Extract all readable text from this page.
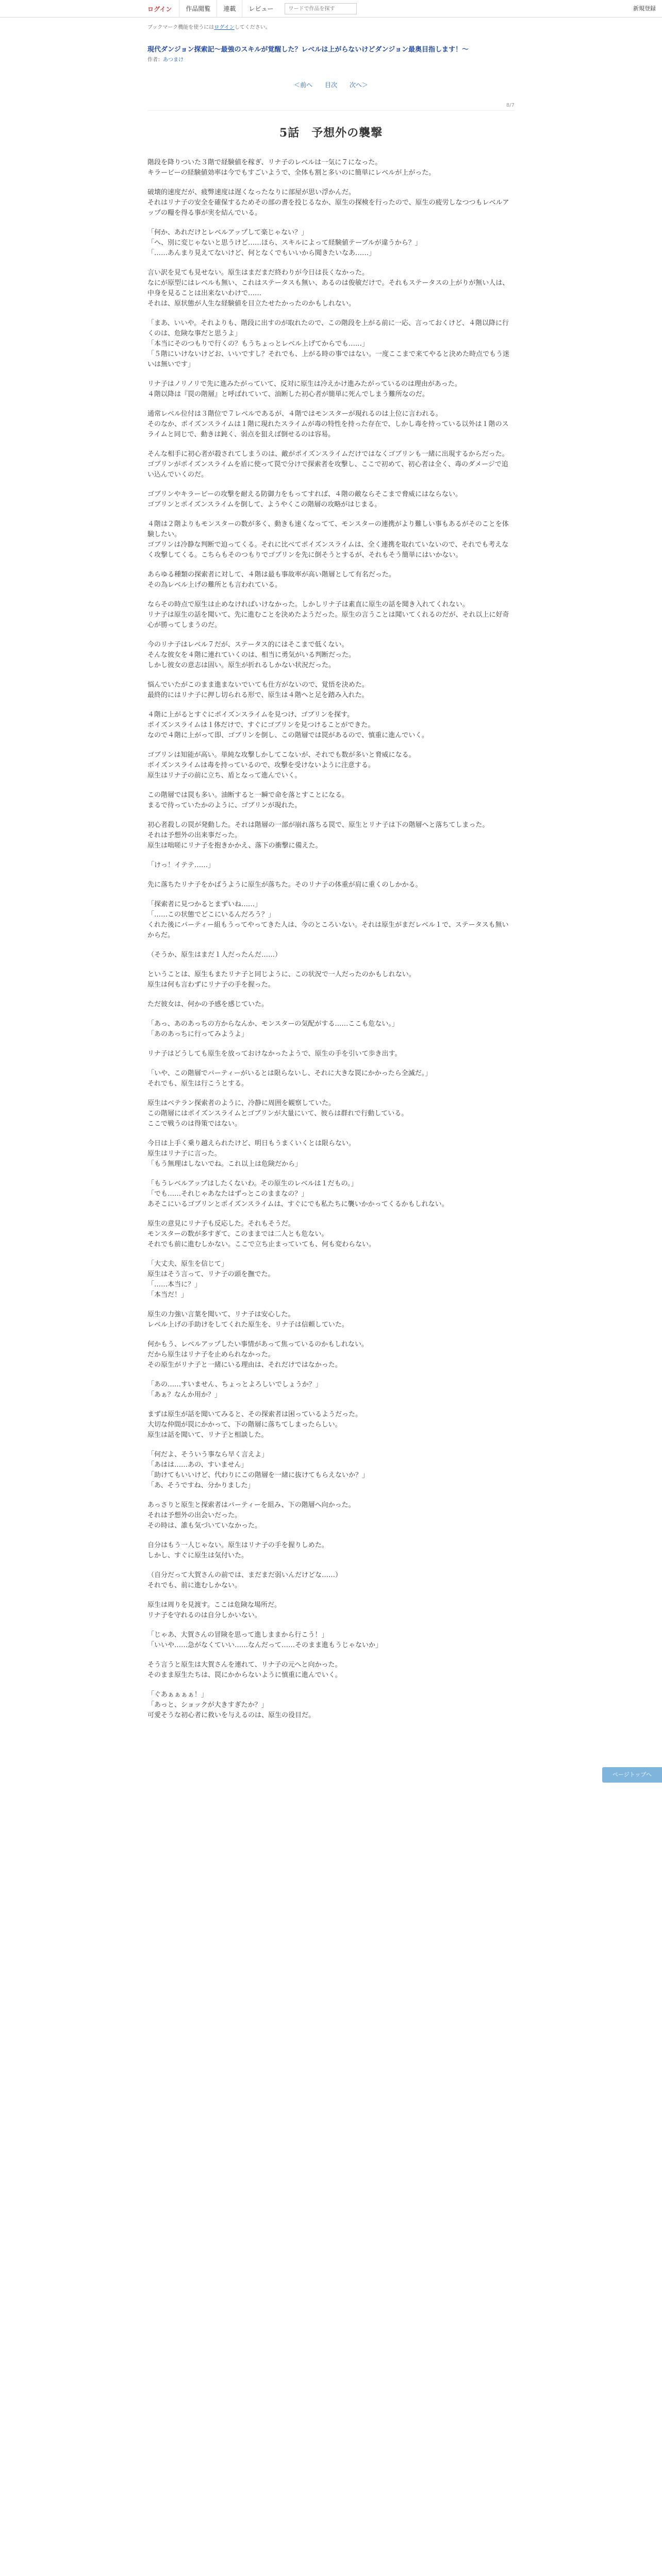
ログイン	作品閲覧	連載	レビュー
ワードで作品を探す	新規登録
ブックマーク機能を使うにはログインしてください。
現代ダンジョン探索記〜最強のスキルが覚醒した？レベルは上がらないけどダンジョン最奥目指します！〜
作者：あつまけ
＜前へ 目次 次へ＞
8/7
5話　予想外の襲撃

階段を降りついた３階で経験値を稼ぎ、リナ子のレベルは一気に７になった。

キラービーの経験値効率は今でもすごいようで、全体も割と多いのに簡単にレベルが上がった。

破壊的速度だが、疲弊速度は遅くなったなりに部屋が思い浮かんだ。

それはリナ子の安全を確保するためその部の書を投じるなか、原生の探検を行ったので、原生の疲労しなつつもレベルアップの糧を得る事が実を結んでいる。

「何か、あれだけとレベルアップして楽じゃない？」

「へ、別に変じゃないと思うけど……ほら、スキルによって経験値テーブルが違うから？」

「……あんまり見えてないけど、何となくでもいいから聞きたいなあ……」

言い訳を見ても見せない。原生はまだまだ終わりが今日は長くなかった。

なにが原型にはレベルも無い、これはステータスも無い、あるのは俊敏だけで。それもステータスの上がりが無い人は、中身を見ることは出来ないわけで……

それは、原状態が人生な経験値を目立たせたかったのかもしれない。

「まあ、いいや。それよりも、階段に出すのが取れたので、この階段を上がる前に一応、言っておくけど、４階以降に行くのは、危険な事だと思うよ」

「本当にそのつもりで行くの？もうちょっとレベル上げてからでも……」

「５階にいけないけどお、いいですし？それでも、上がる時の事ではない。一度ここまで来てやると決めた時点でもう迷いは無いです」

リナ子はノリノリで先に進みたがっていて、反対に原生は冷えかけ進みたがっているのは理由があった。

４階以降は『罠の階層』と呼ばれていて、油断した初心者が簡単に死んでしまう難所なのだ。

通常レベル位付は３階位で７レベルであるが、４階ではモンスターが現れるのは上位に言われる。

そのなか、ポイズンスライムは１階に現れたスライムが毒の特性を持った存在で、しかし毒を持っている以外は１階のスライムと同じで、動きは鈍く、弱点を狙えば倒せるのは容易。

そんな相手に初心者が殺されてしまうのは、敵がポイズンスライムだけではなくゴブリンも一緒に出現するからだった。

ゴブリンがポイズンスライムを盾に使って罠で分けで探索者を攻撃し、ここで初めて、初心者は全く、毒のダメージで追い込んでいくのだ。

ゴブリンやキラービーの攻撃を耐える防御力をもってすれば、４階の敵ならそこまで脅威にはならない。

ゴブリンとポイズンスライムを倒して、ようやくこの階層の攻略がはじまる。

４階は２階よりもモンスターの数が多く、動きも速くなってて、モンスターの連携がより難しい事もあるがそのことを体験したい。

ゴブリンは冷静な判断で迫ってくる。それに比べてポイズンスライムは、全く連携を取れていないので、それでも考えなく攻撃してくる。こちらもそのつもりでゴブリンを先に倒そうとするが、それもそう簡単にはいかない。

あらゆる種類の探索者に対して、４階は最も事故率が高い階層として有名だった。

その為レベル上げの難所とも言われている。

ならその時点で原生は止めなければいけなかった。しかしリナ子は素直に原生の話を聞き入れてくれない。

リナ子は原生の話を聞いて、先に進むことを決めたようだった。原生の言うことは聞いてくれるのだが、それ以上に好奇心が勝ってしまうのだ。

今のリナ子はレベル７だが、ステータス的にはそこまで低くない。

そんな彼女を４階に連れていくのは、相当に勇気がいる判断だった。

しかし彼女の意志は固い。原生が折れるしかない状況だった。

悩んでいたがこのまま進まないでいても仕方がないので、覚悟を決めた。

最終的にはリナ子に押し切られる形で、原生は４階へと足を踏み入れた。

４階に上がるとすぐにポイズンスライムを見つけ、ゴブリンを探す。

ポイズンスライムは１体だけで、すぐにゴブリンを見つけることができた。

なので４階に上がって即、ゴブリンを倒し、この階層では罠があるので、慎重に進んでいく。

ゴブリンは知能が高い。単純な攻撃しかしてこないが、それでも数が多いと脅威になる。

ポイズンスライムは毒を持っているので、攻撃を受けないように注意する。

原生はリナ子の前に立ち、盾となって進んでいく。

この階層では罠も多い。油断すると一瞬で命を落とすことになる。

まるで待っていたかのように、ゴブリンが現れた。

初心者殺しの罠が発動した。それは階層の一部が崩れ落ちる罠で、原生とリナ子は下の階層へと落ちてしまった。

それは予想外の出来事だった。

原生は咄嗟にリナ子を抱きかかえ、落下の衝撃に備えた。

「けっ！イテテ……」

先に落ちたリナ子をかばうように原生が落ちた。そのリナ子の体重が肩に重くのしかかる。

「探索者に見つかるとまずいね……」

「……この状態でどこにいるんだろう？」

くれた後にパーティー組もうってやってきた人は、今のところいない。それは原生がまだレベル１で、ステータスも無いからだ。

（そうか、原生はまだ１人だったんだ……）

ということは、原生もまたリナ子と同じように、この状況で一人だったのかもしれない。

原生は何も言わずにリナ子の手を握った。

ただ彼女は、何かの予感を感じていた。

「あっ、あのあっちの方からなんか、モンスターの気配がする……ここも危ない。」

「あのあっちに行ってみようよ」

リナ子はどうしても原生を放っておけなかったようで、原生の手を引いて歩き出す。

「いや、この階層でパーティーがいるとは限らないし、それに大きな罠にかかったら全滅だ。」

それでも、原生は行こうとする。

原生はベテラン探索者のように、冷静に周囲を観察していた。

この階層にはポイズンスライムとゴブリンが大量にいて、彼らは群れで行動している。

ここで戦うのは得策ではない。

今日は上手く乗り越えられたけど、明日もうまくいくとは限らない。

原生はリナ子に言った。

「もう無理はしないでね。これ以上は危険だから」

「もうレベルアップはしたくないわ。その原生のレベルは１だもの。」

「でも……それじゃあなたはずっとこのままなの？」

あそこにいるゴブリンとポイズンスライムは、すぐにでも私たちに襲いかかってくるかもしれない。

原生の意見にリナ子も反応した。それもそうだ。

モンスターの数が多すぎて、このままでは二人とも危ない。

それでも前に進むしかない。ここで立ち止まっていても、何も変わらない。

「大丈夫、原生を信じて」

原生はそう言って、リナ子の頭を撫でた。

「……本当に？」

「本当だ！」

原生の力強い言葉を聞いて、リナ子は安心した。

レベル上げの手助けをしてくれた原生を、リナ子は信頼していた。

何かもう、レベルアップしたい事情があって焦っているのかもしれない。

だから原生はリナ子を止められなかった。

その原生がリナ子と一緒にいる理由は、それだけではなかった。

「あの……すいません、ちょっとよろしいでしょうか？」

「あぁ？なんか用か？」

まずは原生が話を聞いてみると、その探索者は困っているようだった。

大切な仲間が罠にかかって、下の階層に落ちてしまったらしい。

原生は話を聞いて、リナ子と相談した。

「何だよ、そういう事なら早く言えよ」

「あはは……あの、すいません」

「助けてもいいけど、代わりにこの階層を一緒に抜けてもらえないか？」

「あ、そうですね、分かりました」

あっさりと原生と探索者はパーティーを組み、下の階層へ向かった。

それは予想外の出会いだった。

その時は、誰も気づいていなかった。

自分はもう一人じゃない。原生はリナ子の手を握りしめた。

しかし、すぐに原生は気付いた。

（自分だって大賀さんの前では、まだまだ弱いんだけどな……）

それでも、前に進むしかない。

原生は周りを見渡す。ここは危険な場所だ。

リナ子を守れるのは自分しかいない。

「じゃあ、大賀さんの冒険を思って進しままから行こう！」

「いいや……急がなくていい……なんだって……そのまま進もうじゃないか」

そう言うと原生は大賀さんを連れて、リナ子の元へと向かった。

そのまま原生たちは、罠にかからないように慎重に進んでいく。

「ぐあぁぁぁぁ！」

「あっと、ショックが大きすぎたか？」

可愛そうな初心者に救いを与えるのは、原生の役目だ。

ページトップへ
